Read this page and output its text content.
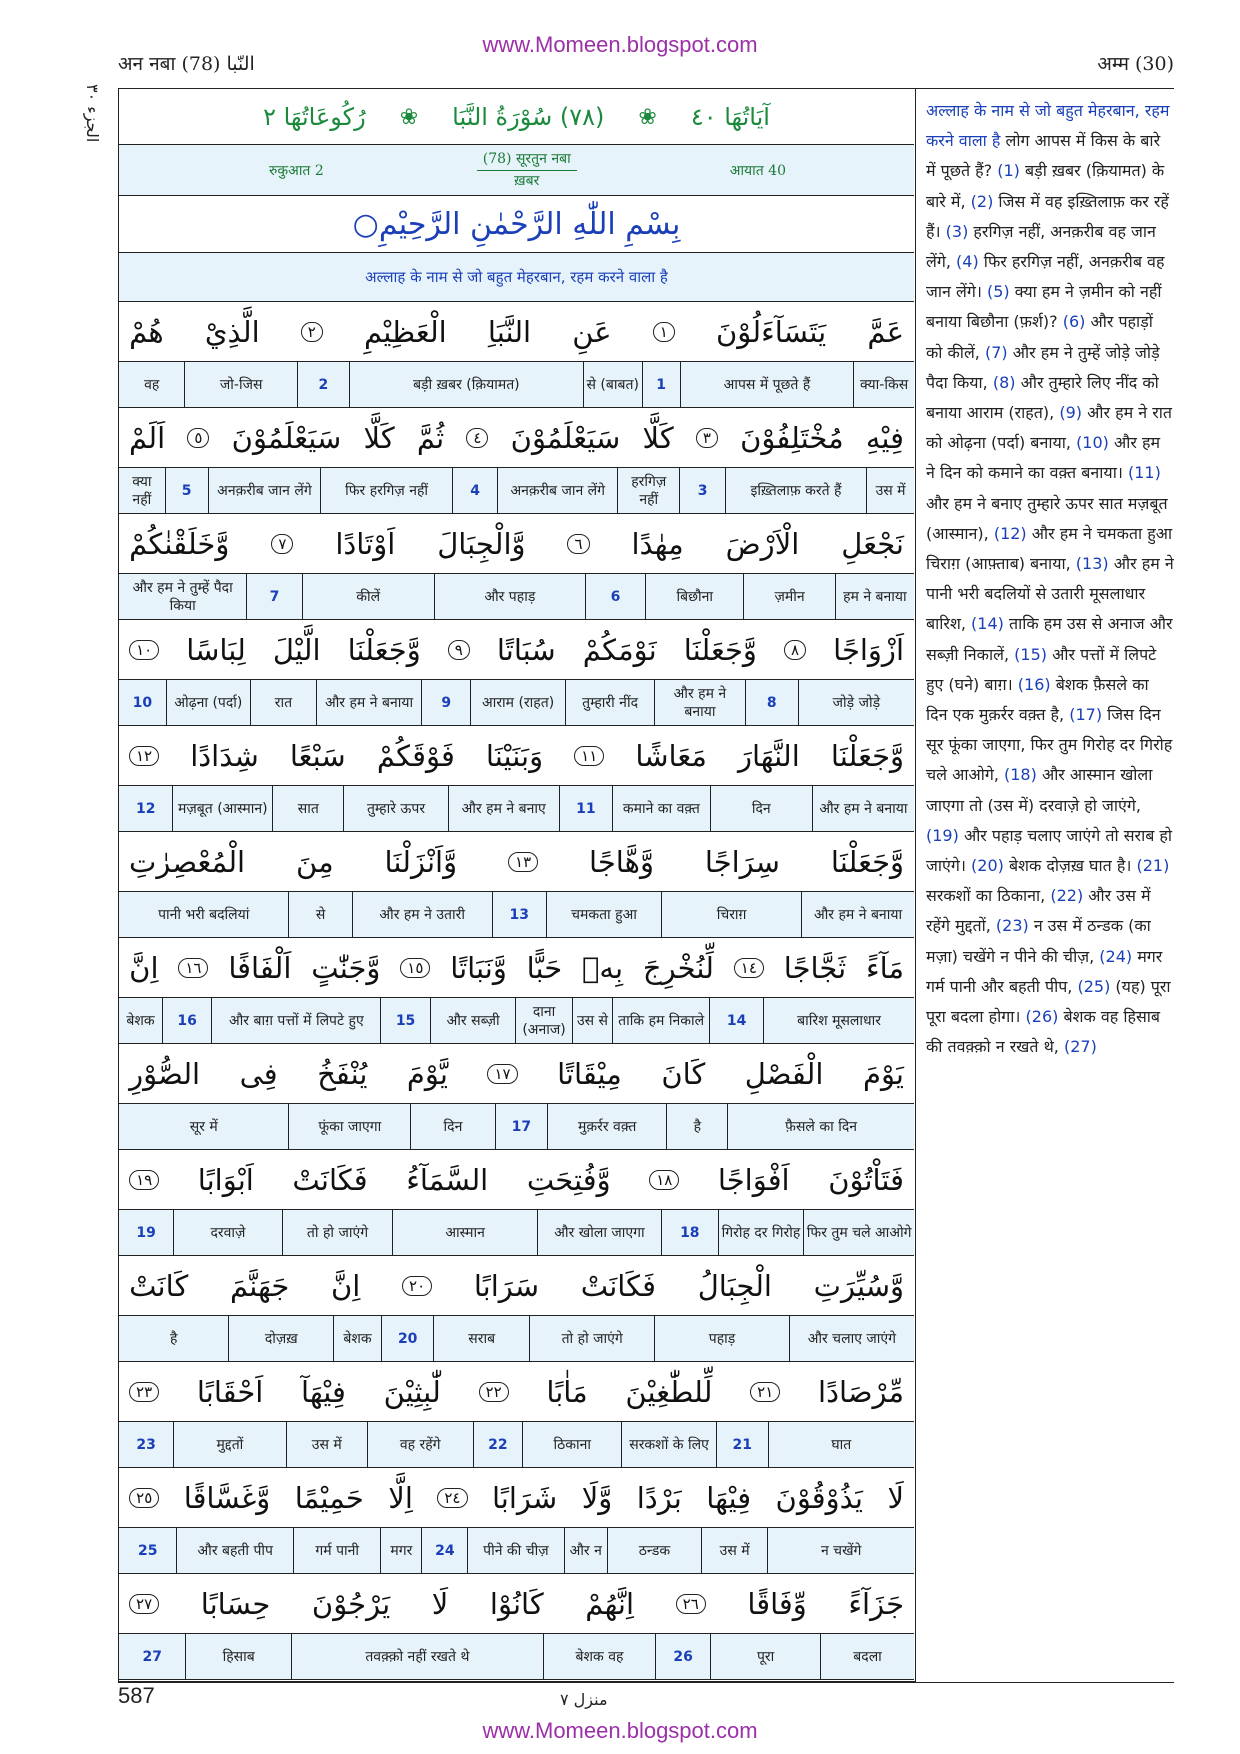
अन नबा (78) النّبا
www.Momeen.blogspot.com
अम्म (30)
الجزء ٣٠	آيَاتُهَا ٤٠
❀
(٧٨) سُوْرَةُ النَّبَا
❀
رُكُوعَاتُهَا ٢
रुकुआत 2
(78) सूरतुन नबा
ख़बर
आयात 40
بِسْمِ اللّٰهِ الرَّحْمٰنِ الرَّحِيْمِ
○
अल्लाह के नाम से जो बहुत मेहरबान, रहम करने वाला है
عَمَّ
يَتَسَآءَلُوْنَ
١
عَنِ
النَّبَاِ
الْعَظِيْمِ
٢
الَّذِيْ
هُمْ
क्या-किस
आपस में पूछते हैं
1
से (बाबत)
बड़ी ख़बर (क़ियामत)
2
जो-जिस
वह
فِيْهِ
مُخْتَلِفُوْنَ
٣
كَلَّا
سَيَعْلَمُوْنَ
٤
ثُمَّ
كَلَّا
سَيَعْلَمُوْنَ
٥
اَلَمْ
उस में
इख़्तिलाफ़ करते हैं
3
हरगिज़ नहीं
अनक़रीब जान लेंगे
4
फिर हरगिज़ नहीं
अनक़रीब जान लेंगे
5
क्या नहीं
نَجْعَلِ
الْاَرْضَ
مِهٰدًا
٦
وَّالْجِبَالَ
اَوْتَادًا
٧
وَّخَلَقْنٰكُمْ
हम ने बनाया
ज़मीन
बिछौना
6
और पहाड़
कीलें
7
और हम ने तुम्हें पैदा किया
اَزْوَاجًا
٨
وَّجَعَلْنَا
نَوْمَكُمْ
سُبَاتًا
٩
وَّجَعَلْنَا
الَّيْلَ
لِبَاسًا
١٠
जोड़े जोड़े
8
और हम ने बनाया
तुम्हारी नींद
आराम (राहत)
9
और हम ने बनाया
रात
ओढ़ना (पर्दा)
10
وَّجَعَلْنَا
النَّهَارَ
مَعَاشًا
١١
وَبَنَيْنَا
فَوْقَكُمْ
سَبْعًا
شِدَادًا
١٢
और हम ने बनाया
दिन
कमाने का वक़्त
11
और हम ने बनाए
तुम्हारे ऊपर
सात
मज़बूत (आस्मान)
12
وَّجَعَلْنَا
سِرَاجًا
وَّهَّاجًا
١٣
وَّاَنْزَلْنَا
مِنَ
الْمُعْصِرٰتِ
और हम ने बनाया
चिराग़
चमकता हुआ
13
और हम ने उतारी
से
पानी भरी बदलियां
مَآءً
ثَجَّاجًا
١٤
لِّنُخْرِجَ
بِهٖ
حَبًّا
وَّنَبَاتًا
١٥
وَّجَنّٰتٍ
اَلْفَافًا
١٦
اِنَّ
बारिश मूसलाधार
14
ताकि हम निकाले
उस से
दाना (अनाज)
और सब्ज़ी
15
और बाग़ पत्तों में लिपटे हुए
16
बेशक
يَوْمَ
الْفَصْلِ
كَانَ
مِيْقَاتًا
١٧
يَّوْمَ
يُنْفَخُ
فِى
الصُّوْرِ
फ़ैसले का दिन
है
मुक़र्रर वक़्त
17
दिन
फूंका जाएगा
सूर में
فَتَاْتُوْنَ
اَفْوَاجًا
١٨
وَّفُتِحَتِ
السَّمَآءُ
فَكَانَتْ
اَبْوَابًا
١٩
फिर तुम चले आओगे
गिरोह दर गिरोह
18
और खोला जाएगा
आस्मान
तो हो जाएंगे
दरवाज़े
19
وَّسُيِّرَتِ
الْجِبَالُ
فَكَانَتْ
سَرَابًا
٢٠
اِنَّ
جَهَنَّمَ
كَانَتْ
और चलाए जाएंगे
पहाड़
तो हो जाएंगे
सराब
20
बेशक
दोज़ख़
है
مِّرْصَادًا
٢١
لِّلطّٰغِيْنَ
مَاٰبًا
٢٢
لّٰبِثِيْنَ
فِيْهَآ
اَحْقَابًا
٢٣
घात
21
सरकशों के लिए
ठिकाना
22
वह रहेंगे
उस में
मुद्दतों
23
لَا
يَذُوْقُوْنَ
فِيْهَا
بَرْدًا
وَّلَا
شَرَابًا
٢٤
اِلَّا
حَمِيْمًا
وَّغَسَّاقًا
٢٥
न चखेंगे
उस में
ठन्डक
और न
पीने की चीज़
24
मगर
गर्म पानी
और बहती पीप
25
جَزَآءً
وِّفَاقًا
٢٦
اِنَّهُمْ
كَانُوْا
لَا
يَرْجُوْنَ
حِسَابًا
٢٧
बदला
पूरा
26
बेशक वह
तवक़्क़ो नहीं रखते थे
हिसाब
27
अल्लाह के नाम से जो बहुत मेहरबान, रहम करने वाला है लोग आपस में किस के बारे में पूछते हैं? (1) बड़ी ख़बर (क़ियामत) के बारे में, (2) जिस में वह इख़्तिलाफ़ कर रहें हैं। (3) हरगिज़ नहीं, अनक़रीब वह जान लेंगे, (4) फिर हरगिज़ नहीं, अनक़रीब वह जान लेंगे। (5) क्या हम ने ज़मीन को नहीं बनाया बिछौना (फ़र्श)? (6) और पहाड़ों को कीलें, (7) और हम ने तुम्हें जोड़े जोड़े पैदा किया, (8) और तुम्हारे लिए नींद को बनाया आराम (राहत), (9) और हम ने रात को ओढ़ना (पर्दा) बनाया, (10) और हम ने दिन को कमाने का वक़्त बनाया। (11) और हम ने बनाए तुम्हारे ऊपर सात मज़बूत (आस्मान), (12) और हम ने चमकता हुआ चिराग़ (आफ़्ताब) बनाया, (13) और हम ने पानी भरी बदलियों से उतारी मूसलाधार बारिश, (14) ताकि हम उस से अनाज और सब्ज़ी निकालें, (15) और पत्तों में लिपटे हुए (घने) बाग़। (16) बेशक फ़ैसले का दिन एक मुक़र्रर वक़्त है, (17) जिस दिन सूर फूंका जाएगा, फिर तुम गिरोह दर गिरोह चले आओगे, (18) और आस्मान खोला जाएगा तो (उस में) दरवाज़े हो जाएंगे, (19) और पहाड़ चलाए जाएंगे तो सराब हो जाएंगे। (20) बेशक दोज़ख़ घात है। (21) सरकशों का ठिकाना, (22) और उस में रहेंगे मुद्दतों, (23) न उस में ठन्डक (का मज़ा) चखेंगे न पीने की चीज़, (24) मगर गर्म पानी और बहती पीप, (25) (यह) पूरा पूरा बदला होगा। (26) बेशक वह हिसाब की तवक़्क़ो न रखते थे, (27)
587	منزل ٧
www.Momeen.blogspot.com
